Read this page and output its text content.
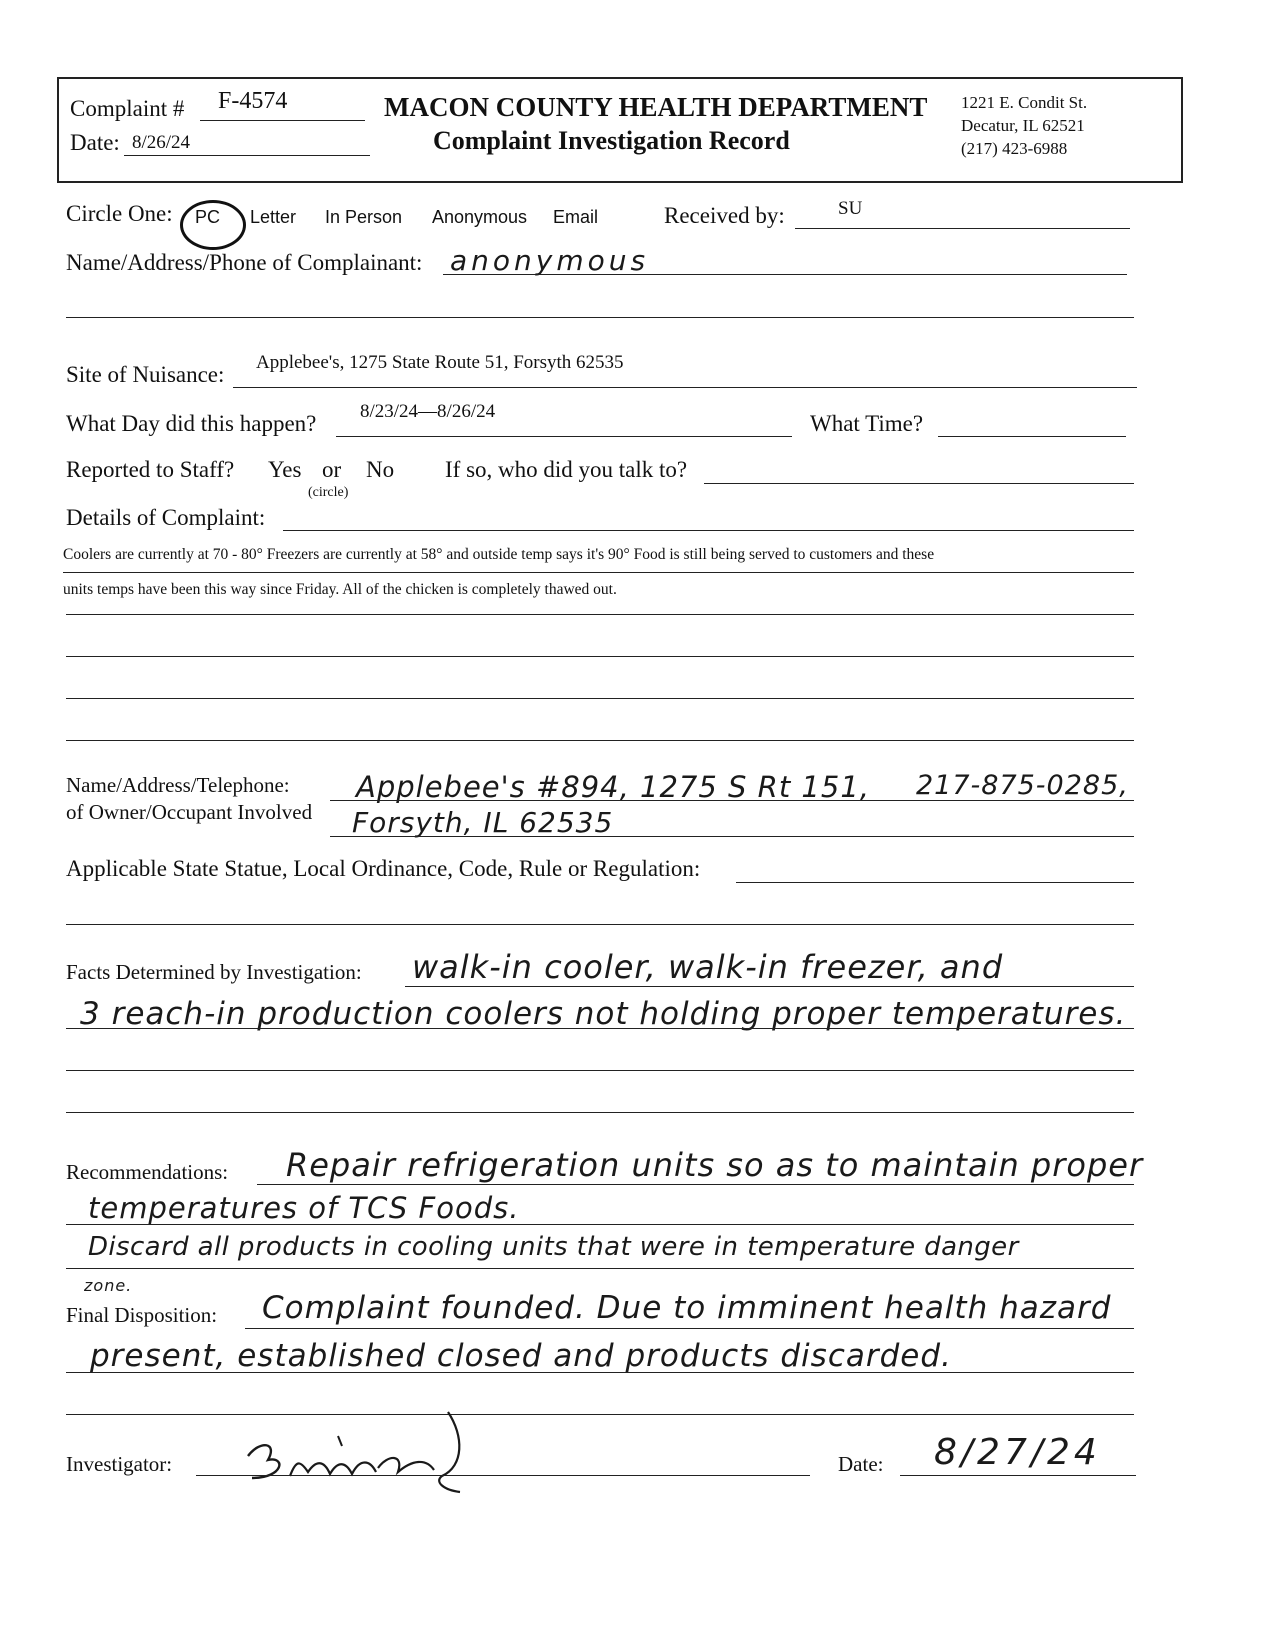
Complaint # F-4574
Date: 8/26/24
MACON COUNTY HEALTH DEPARTMENT
Complaint Investigation Record
1221 E. Condit St.
Decatur, IL 62521
(217) 423-6988
Circle One: PC Letter In Person Anonymous Email	Received by:	SU
Name/Address/Phone of Complainant: anonymous
Site of Nuisance: Applebee's, 1275 State Route 51, Forsyth 62535
What Day did this happen? 8/23/24—8/26/24	What Time?
Reported to Staff? Yes or No
(circle)
If so, who did you talk to?
Details of Complaint:
Coolers are currently at 70 - 80° Freezers are currently at 58° and outside temp says it's 90° Food is still being served to customers and these
units temps have been this way since Friday. All of the chicken is completely thawed out.
Name/Address/Telephone:
of Owner/Occupant Involved
Applebee's #894, 1275 S Rt 151, 217-875-0285,
Forsyth, IL 62535
Applicable State Statue, Local Ordinance, Code, Rule or Regulation:
Facts Determined by Investigation: walk-in cooler, walk-in freezer, and
3 reach-in production coolers not holding proper temperatures.
Recommendations: Repair refrigeration units so as to maintain proper
temperatures of TCS Foods.
Discard all products in cooling units that were in temperature danger
zone.
Final Disposition: Complaint founded. Due to imminent health hazard
present, established closed and products discarded.
Investigator:	Date: 8/27/24
